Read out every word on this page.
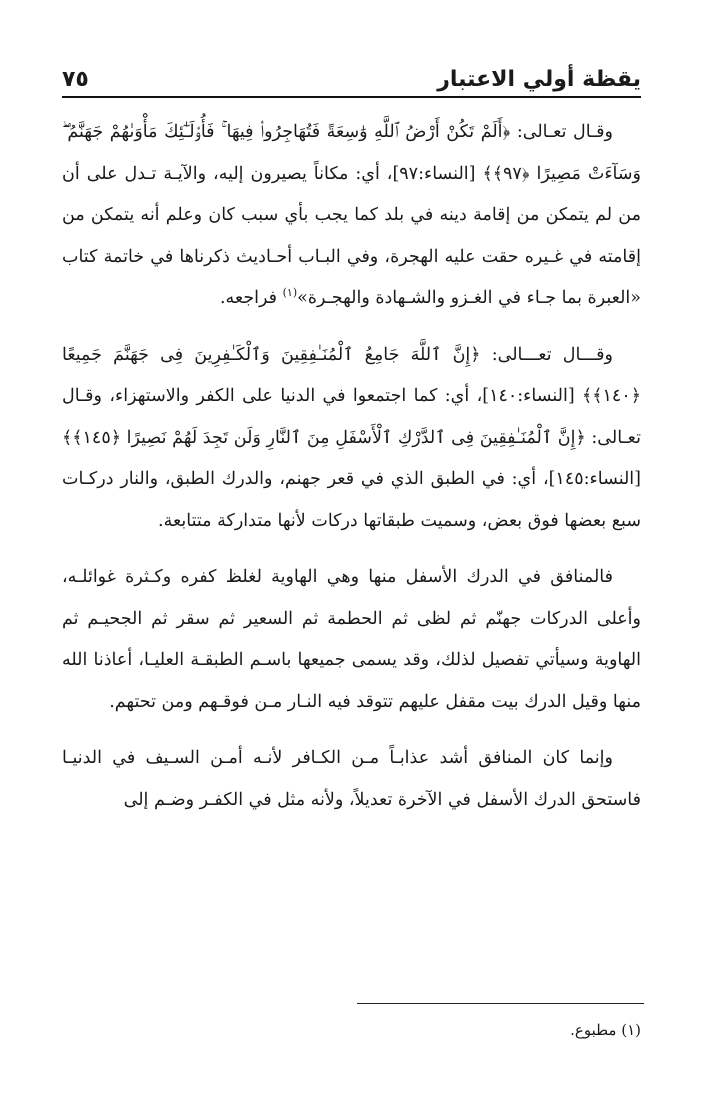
يقظة أولي الاعتبار
٧٥

وقـال تعـالى: ﴿أَلَمْ تَكُنْ أَرْضُ ٱللَّهِ وَٰسِعَةً فَتُهَاجِرُوا۟ فِيهَا ۚ فَأُو۟لَـٰٓئِكَ مَأْوَىٰهُمْ جَهَنَّمُ ۖ وَسَآءَتْ مَصِيرًا ﴿٩٧﴾﴾ [النساء:٩٧]، أي: مكاناً يصيرون إليه، والآيـة تـدل على أن من لم يتمكن من إقامة دينه في بلد كما يجب بأي سبب كان وعلم أنه يتمكن من إقامته في غـيره حقت عليه الهجرة، وفي البـاب أحـاديث ذكرناها في خاتمة كتاب «العبرة بما جـاء في الغـزو والشـهادة والهجـرة»$^{(١)}$ فراجعه.

وقـــال تعـــالى: ﴿إِنَّ ٱللَّهَ جَامِعُ ٱلْمُنَـٰفِقِينَ وَٱلْكَـٰفِرِينَ فِى جَهَنَّمَ جَمِيعًا ﴿١٤٠﴾﴾ [النساء:١٤٠]، أي: كما اجتمعوا في الدنيا على الكفر والاستهزاء، وقـال تعـالى: ﴿إِنَّ ٱلْمُنَـٰفِقِينَ فِى ٱلدَّرْكِ ٱلْأَسْفَلِ مِنَ ٱلنَّارِ وَلَن تَجِدَ لَهُمْ نَصِيرًا ﴿١٤٥﴾﴾ [النساء:١٤٥]، أي: في الطبق الذي في قعر جهنم، والدرك الطبق، والنار دركـات سبع بعضها فوق بعض، وسميت طبقاتها دركات لأنها متداركة متتابعة.

فالمنافق في الدرك الأسفل منها وهي الهاوية لغلظ كفره وكـثرة غوائلـه، وأعلى الدركات جهنّم ثم لظى ثم الحطمة ثم السعير ثم سقر ثم الجحيـم ثم الهاوية وسيأتي تفصيل لذلك، وقد يسمى جميعها باسـم الطبقـة العليـا، أعاذنا الله منها وقيل الدرك بيت مقفل عليهم تتوقد فيه النـار مـن فوقـهم ومن تحتهم.

وإنما كان المنافق أشد عذابـاً مـن الكـافر لأنـه أمـن السـيف في الدنيـا فاستحق الدرك الأسفل في الآخرة تعديلاً، ولأنه مثل في الكفـر وضـم إلى

(١) مطبوع.
